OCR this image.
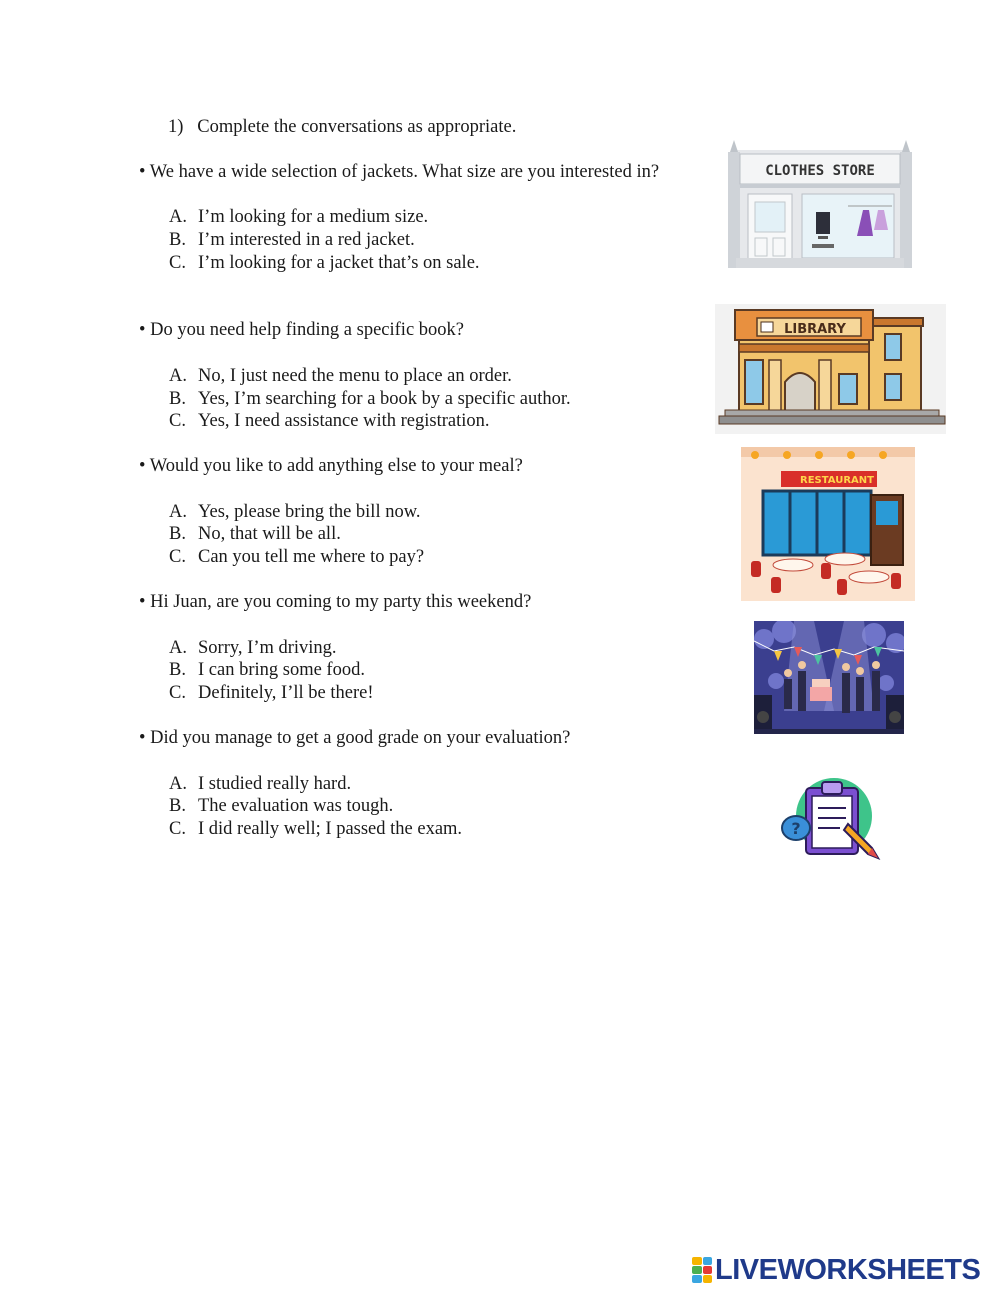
1) Complete the conversations as appropriate.
• We have a wide selection of jackets. What size are you interested in?
A. I’m looking for a medium size.
B. I’m interested in a red jacket.
C. I’m looking for a jacket that’s on sale.
• Do you need help finding a specific book?
A. No, I just need the menu to place an order.
B. Yes, I’m searching for a book by a specific author.
C. Yes, I need assistance with registration.
• Would you like to add anything else to your meal?
A. Yes, please bring the bill now.
B. No, that will be all.
C. Can you tell me where to pay?
• Hi Juan, are you coming to my party this weekend?
A. Sorry, I’m driving.
B. I can bring some food.
C. Definitely, I’ll be there!
• Did you manage to get a good grade on your evaluation?
A. I studied really hard.
B. The evaluation was tough.
C. I did really well; I passed the exam.
CLOTHES STORE
LIBRARY
RESTAURANT
?
LIVEWORKSHEETS
